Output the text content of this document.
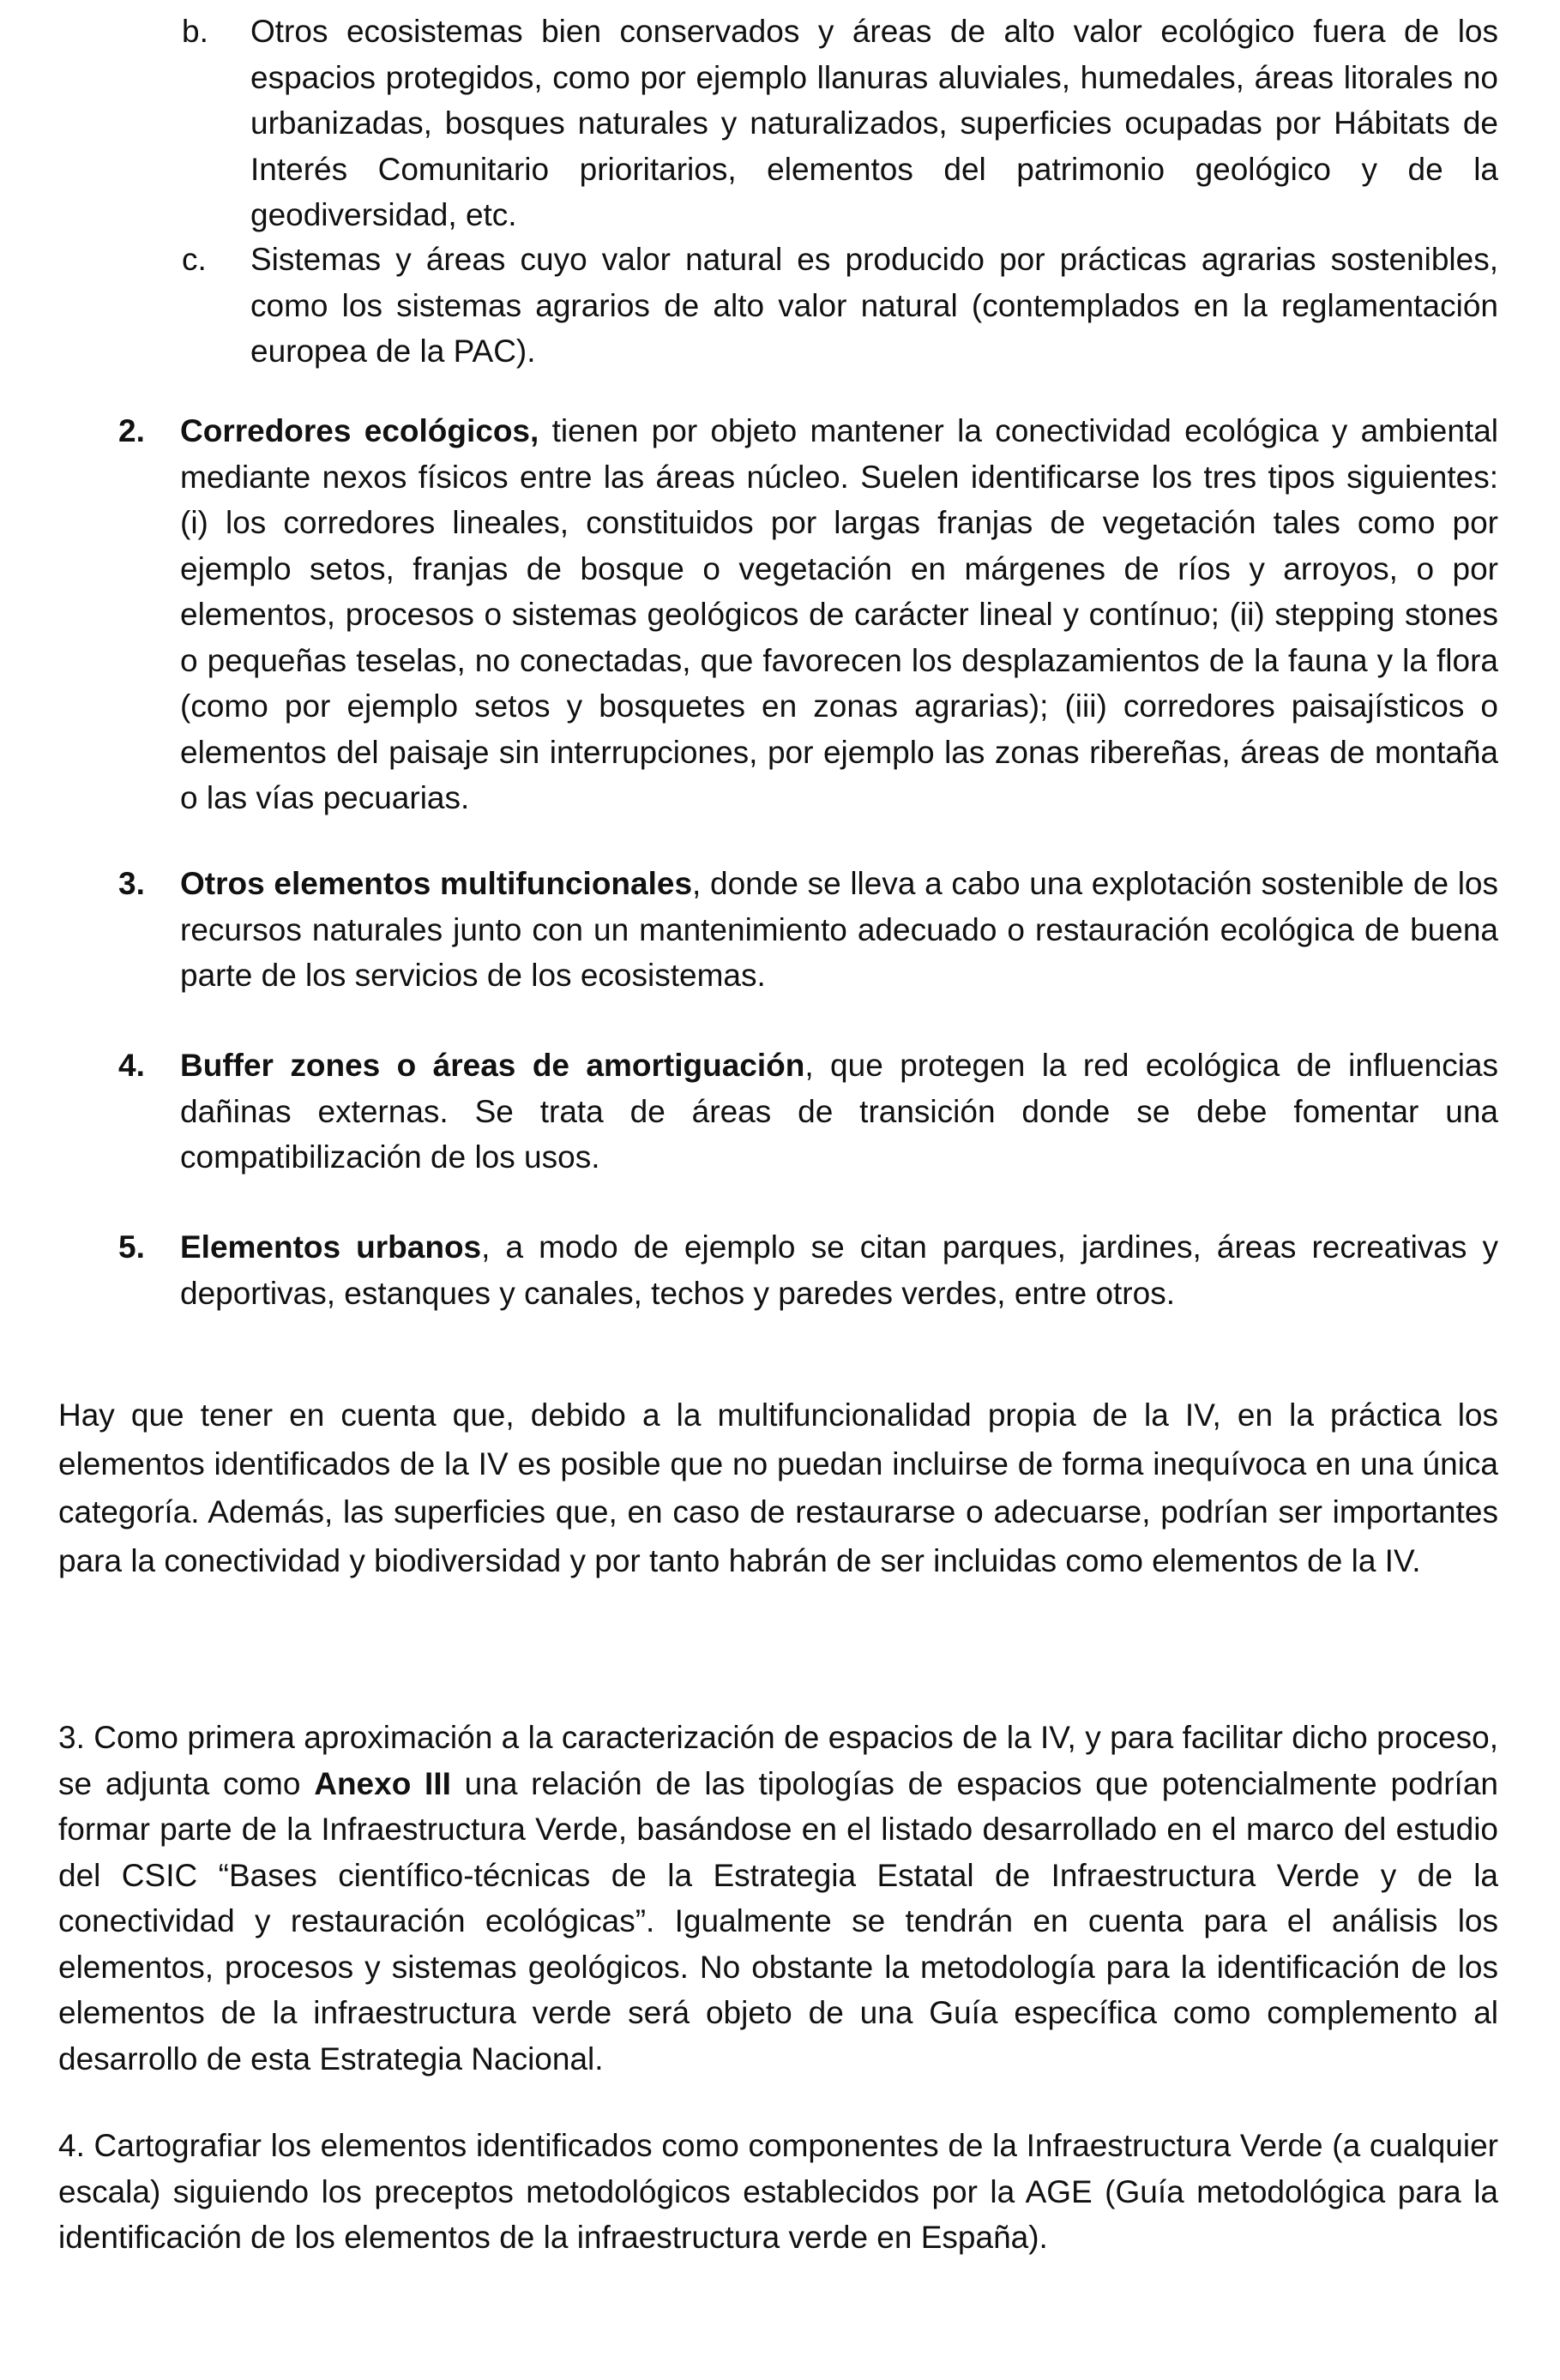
b. Otros ecosistemas bien conservados y áreas de alto valor ecológico fuera de los espacios protegidos, como por ejemplo llanuras aluviales, humedales, áreas litorales no urbanizadas, bosques naturales y naturalizados, superficies ocupadas por Hábitats de Interés Comunitario prioritarios, elementos del patrimonio geológico y de la geodiversidad, etc.
c. Sistemas y áreas cuyo valor natural es producido por prácticas agrarias sostenibles, como los sistemas agrarios de alto valor natural (contemplados en la reglamentación europea de la PAC).
2. Corredores ecológicos, tienen por objeto mantener la conectividad ecológica y ambiental mediante nexos físicos entre las áreas núcleo. Suelen identificarse los tres tipos siguientes: (i) los corredores lineales, constituidos por largas franjas de vegetación tales como por ejemplo setos, franjas de bosque o vegetación en márgenes de ríos y arroyos, o por elementos, procesos o sistemas geológicos de carácter lineal y contínuo; (ii) stepping stones o pequeñas teselas, no conectadas, que favorecen los desplazamientos de la fauna y la flora (como por ejemplo setos y bosquetes en zonas agrarias); (iii) corredores paisajísticos o elementos del paisaje sin interrupciones, por ejemplo las zonas ribereñas, áreas de montaña o las vías pecuarias.
3. Otros elementos multifuncionales, donde se lleva a cabo una explotación sostenible de los recursos naturales junto con un mantenimiento adecuado o restauración ecológica de buena parte de los servicios de los ecosistemas.
4. Buffer zones o áreas de amortiguación, que protegen la red ecológica de influencias dañinas externas. Se trata de áreas de transición donde se debe fomentar una compatibilización de los usos.
5. Elementos urbanos, a modo de ejemplo se citan parques, jardines, áreas recreativas y deportivas, estanques y canales, techos y paredes verdes, entre otros.

Hay que tener en cuenta que, debido a la multifuncionalidad propia de la IV, en la práctica los elementos identificados de la IV es posible que no puedan incluirse de forma inequívoca en una única categoría. Además, las superficies que, en caso de restaurarse o adecuarse, podrían ser importantes para la conectividad y biodiversidad y por tanto habrán de ser incluidas como elementos de la IV.

3. Como primera aproximación a la caracterización de espacios de la IV, y para facilitar dicho proceso, se adjunta como Anexo III una relación de las tipologías de espacios que potencialmente podrían formar parte de la Infraestructura Verde, basándose en el listado desarrollado en el marco del estudio del CSIC “Bases científico-técnicas de la Estrategia Estatal de Infraestructura Verde y de la conectividad y restauración ecológicas”. Igualmente se tendrán en cuenta para el análisis los elementos, procesos y sistemas geológicos. No obstante la metodología para la identificación de los elementos de la infraestructura verde será objeto de una Guía específica como complemento al desarrollo de esta Estrategia Nacional.

4. Cartografiar los elementos identificados como componentes de la Infraestructura Verde (a cualquier escala) siguiendo los preceptos metodológicos establecidos por la AGE (Guía metodológica para la identificación de los elementos de la infraestructura verde en España).
